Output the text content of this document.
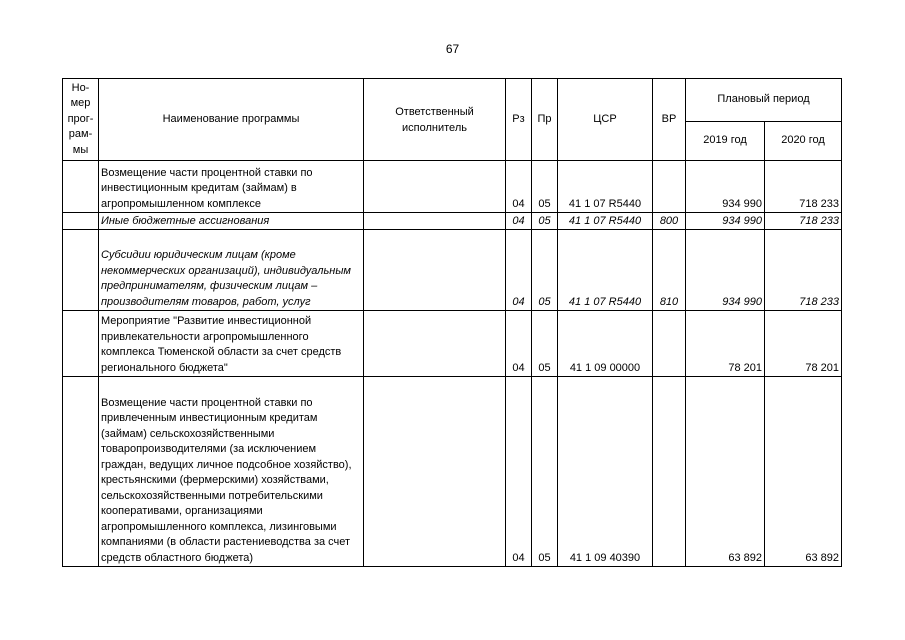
67
Но-
мер
прог-
рам-
мы	Наименование программы	Ответственный исполнитель	Рз	Пр	ЦСР	ВР	Плановый период	
							2019 год	2020 год
	Возмещение части процентной ставки по инвестиционным кредитам (займам) в агропромышленном комплексе		04	05	41 1 07 R5440		934 990	718 233
	Иные бюджетные ассигнования		04	05	41 1 07 R5440	800	934 990	718 233
	Субсидии юридическим лицам (кроме некоммерческих организаций), индивидуальным предпринимателям, физическим лицам – производителям товаров, работ, услуг		04	05	41 1 07 R5440	810	934 990	718 233
	Мероприятие "Развитие инвестиционной привлекательности агропромышленного комплекса Тюменской области за счет средств регионального бюджета"		04	05	41 1 09 00000		78 201	78 201
	Возмещение части процентной ставки по привлеченным инвестиционным кредитам (займам) сельскохозяйственными товаропроизводителями (за исключением граждан, ведущих личное подсобное хозяйство), крестьянскими (фермерскими) хозяйствами, сельскохозяйственными потребительскими кооперативами, организациями агропромышленного комплекса, лизинговыми компаниями (в области растениеводства за счет средств областного бюджета)		04	05	41 1 09 40390		63 892	63 892
